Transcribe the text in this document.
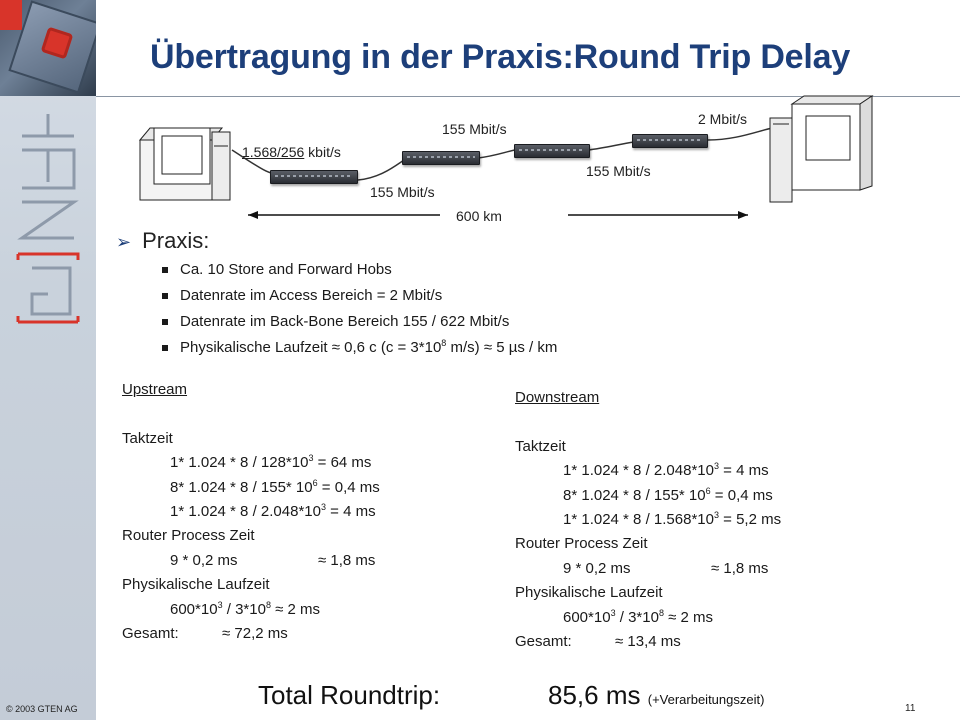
GTEN
© 2003 GTEN AG
Übertragung in der Praxis:Round Trip Delay
1.568/256 kbit/s
155 Mbit/s
155 Mbit/s
155 Mbit/s
2 Mbit/s
600 km
➢ Praxis:
Ca. 10 Store and Forward Hobs
Datenrate im Access Bereich = 2 Mbit/s
Datenrate im Back-Bone Bereich 155 / 622 Mbit/s
Physikalische Laufzeit ≈ 0,6 c ($c = 3*10^8$ m/s) ≈ 5 µs / km
Upstream
Taktzeit
1* $1.024 * 8 / 128*10^3 = 64$ ms
8* 1.024 * 8 / 155* $10^6 = 0,4$ ms
1* $1.024 * 8 / 2.048*10^3 = 4$ ms
Router Process Zeit
9 * 0,2 ms	≈ 1,8 ms
Physikalische Laufzeit
$600*10^3 / 3*10^8 \approx 2$ ms
Gesamt:	≈ 72,2 ms
Downstream
Taktzeit
1* $1.024 * 8 / 2.048*10^3 = 4$ ms
8* 1.024 * 8 / 155* $10^6 = 0,4$ ms
1* $1.024 * 8 / 1.568*10^3 = 5,2$ ms
Router Process Zeit
9 * 0,2 ms	≈ 1,8 ms
Physikalische Laufzeit
$600*10^3 / 3*10^8 \approx 2$ ms
Gesamt:	≈ 13,4 ms
Total Roundtrip:	85,6 ms (+Verarbeitungszeit)
11
